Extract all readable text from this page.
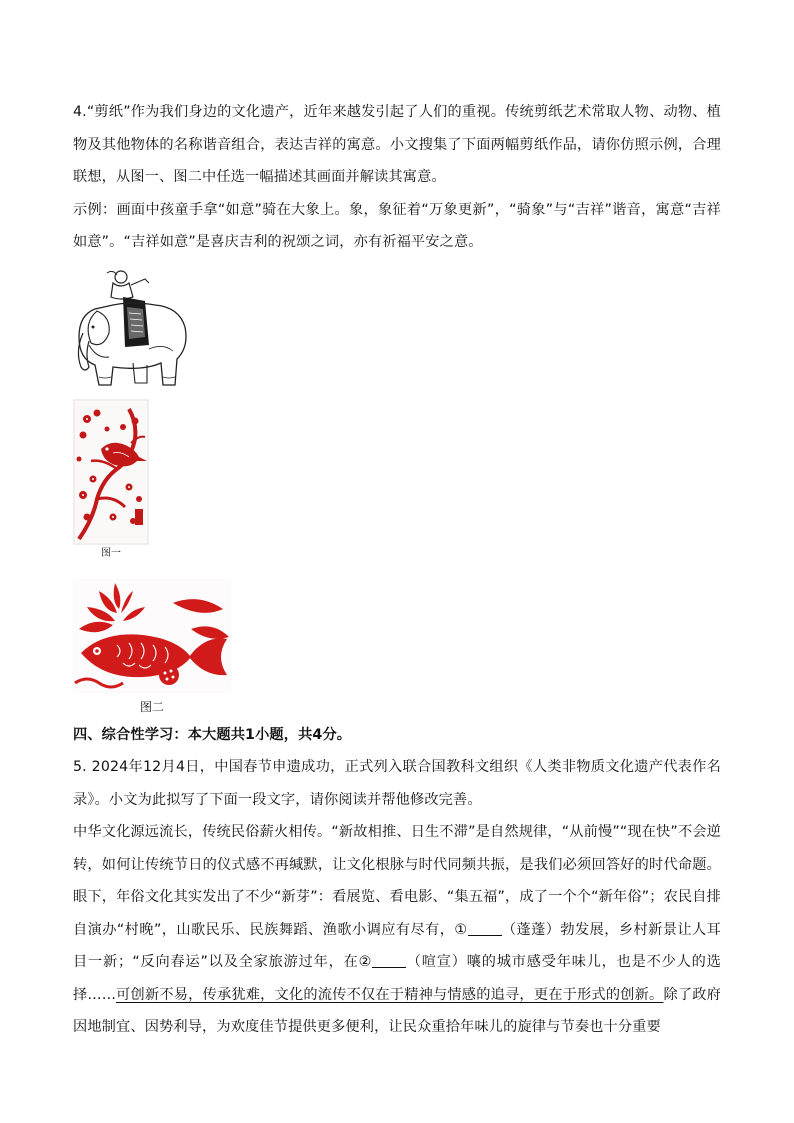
4.“剪纸”作为我们身边的文化遗产，近年来越发引起了人们的重视。传统剪纸艺术常取人物、动物、植物及其他物体的名称谐音组合，表达吉祥的寓意。小文搜集了下面两幅剪纸作品，请你仿照示例，合理联想，从图一、图二中任选一幅描述其画面并解读其寓意。

示例：画面中孩童手拿“如意”骑在大象上。象，象征着“万象更新”，“骑象”与“吉祥”谐音，寓意“吉祥如意”。“吉祥如意”是喜庆吉利的祝颂之词，亦有祈福平安之意。

图一
图二

四、综合性学习：本大题共1小题，共4分。

5. 2024年12月4日，中国春节申遗成功，正式列入联合国教科文组织《人类非物质文化遗产代表作名录》。小文为此拟写了下面一段文字，请你阅读并帮他修改完善。

中华文化源远流长，传统民俗薪火相传。“新故相推、日生不滞”是自然规律，“从前慢”“现在快”不会逆转，如何让传统节日的仪式感不再缄默，让文化根脉与时代同频共振，是我们必须回答好的时代命题。眼下，年俗文化其实发出了不少“新芽”：看展览、看电影、“集五福”，成了一个个“新年俗”；农民自排自演办“村晚”，山歌民乐、民族舞蹈、渔歌小调应有尽有，① （蓬蓬）勃发展，乡村新景让人耳目一新；“反向春运”以及全家旅游过年，在② （喧宣）嚷的城市感受年味儿，也是不少人的选择……可创新不易，传承犹难，文化的流传不仅在于精神与情感的追寻，更在于形式的创新。除了政府因地制宜、因势利导，为欢度佳节提供更多便利，让民众重拾年味儿的旋律与节奏也十分重要
